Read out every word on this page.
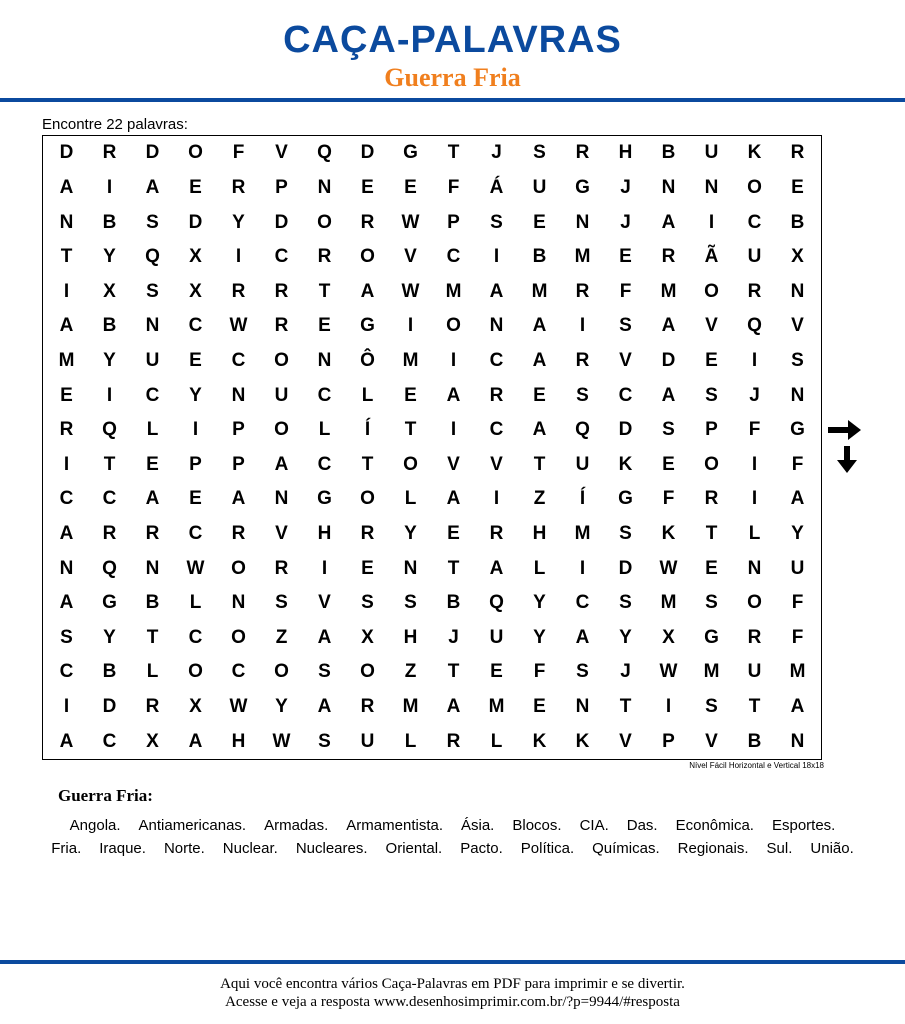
CAÇA-PALAVRAS
Guerra Fria
Encontre 22 palavras:
D	R	D	O	F	V	Q	D	G	T	J	S	R	H	B	U	K	R
A	I	A	E	R	P	N	E	E	F	Á	U	G	J	N	N	O	E
N	B	S	D	Y	D	O	R	W	P	S	E	N	J	A	I	C	B
T	Y	Q	X	I	C	R	O	V	C	I	B	M	E	R	Ã	U	X
I	X	S	X	R	R	T	A	W	M	A	M	R	F	M	O	R	N
A	B	N	C	W	R	E	G	I	O	N	A	I	S	A	V	Q	V
M	Y	U	E	C	O	N	Ô	M	I	C	A	R	V	D	E	I	S
E	I	C	Y	N	U	C	L	E	A	R	E	S	C	A	S	J	N
R	Q	L	I	P	O	L	Í	T	I	C	A	Q	D	S	P	F	G
I	T	E	P	P	A	C	T	O	V	V	T	U	K	E	O	I	F
C	C	A	E	A	N	G	O	L	A	I	Z	Í	G	F	R	I	A
A	R	R	C	R	V	H	R	Y	E	R	H	M	S	K	T	L	Y
N	Q	N	W	O	R	I	E	N	T	A	L	I	D	W	E	N	U
A	G	B	L	N	S	V	S	S	B	Q	Y	C	S	M	S	O	F
S	Y	T	C	O	Z	A	X	H	J	U	Y	A	Y	X	G	R	F
C	B	L	O	C	O	S	O	Z	T	E	F	S	J	W	M	U	M
I	D	R	X	W	Y	A	R	M	A	M	E	N	T	I	S	T	A
A	C	X	A	H	W	S	U	L	R	L	K	K	V	P	V	B	N
Nível Fácil Horizontal e Vertical 18x18
Guerra Fria:
Angola. Antiamericanas. Armadas. Armamentista. Ásia. Blocos. CIA. Das. Econômica. Esportes.Fria. Iraque. Norte. Nuclear. Nucleares. Oriental. Pacto. Política. Químicas. Regionais. Sul. União.
Aqui você encontra vários Caça-Palavras em PDF para imprimir e se divertir.
Acesse e veja a resposta www.desenhosimprimir.com.br/?p=9944/#resposta
